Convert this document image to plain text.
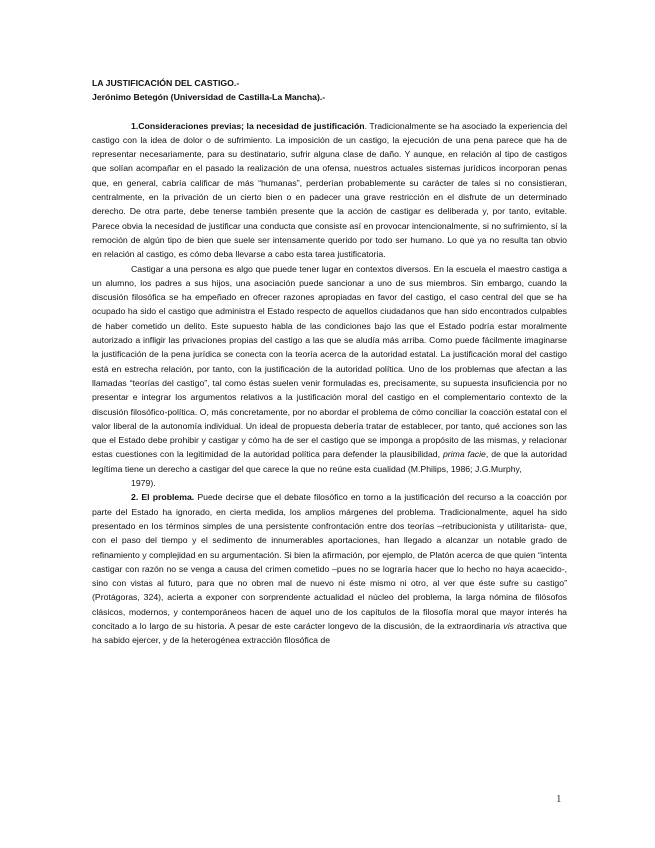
LA JUSTIFICACIÓN DEL CASTIGO.-
Jerónimo Betegón (Universidad de Castilla-La Mancha).-

1.Consideraciones previas; la necesidad de justificación. Tradicionalmente se ha asociado la experiencia del castigo con la idea de dolor o de sufrimiento. La imposición de un castigo, la ejecución de una pena parece que ha de representar necesariamente, para su destinatario, sufrir alguna clase de daño. Y aunque, en relación al tipo de castigos que solían acompañar en el pasado la realización de una ofensa, nuestros actuales sistemas jurídicos incorporan penas que, en general, cabría calificar de más “humanas”, perderían probablemente su carácter de tales si no consistieran, centralmente, en la privación de un cierto bien o en padecer una grave restricción en el disfrute de un determinado derecho. De otra parte, debe tenerse también presente que la acción de castigar es deliberada y, por tanto, evitable. Parece obvia la necesidad de justificar una conducta que consiste así en provocar intencionalmente, si no sufrimiento, sí la remoción de algún tipo de bien que suele ser intensamente querido por todo ser humano. Lo que ya no resulta tan obvio en relación al castigo, es cómo deba llevarse a cabo esta tarea justificatoria.

Castigar a una persona es algo que puede tener lugar en contextos diversos. En la escuela el maestro castiga a un alumno, los padres a sus hijos, una asociación puede sancionar a uno de sus miembros. Sin embargo, cuando la discusión filosófica se ha empeñado en ofrecer razones apropiadas en favor del castigo, el caso central del que se ha ocupado ha sido el castigo que administra el Estado respecto de aquellos ciudadanos que han sido encontrados culpables de haber cometido un delito. Este supuesto habla de las condiciones bajo las que el Estado podría estar moralmente autorizado a infligir las privaciones propias del castigo a las que se aludía más arriba. Como puede fácilmente imaginarse la justificación de la pena jurídica se conecta con la teoría acerca de la autoridad estatal. La justificación moral del castigo está en estrecha relación, por tanto, con la justificación de la autoridad política. Uno de los problemas que afectan a las llamadas “teorías del castigo”, tal como éstas suelen venir formuladas es, precisamente, su supuesta insuficiencia por no presentar e integrar los argumentos relativos a la justificación moral del castigo en el complementario contexto de la discusión filosófico-política. O, más concretamente, por no abordar el problema de cómo conciliar la coacción estatal con el valor liberal de la autonomía individual. Un ideal de propuesta debería tratar de establecer, por tanto, qué acciones son las que el Estado debe prohibir y castigar y cómo ha de ser el castigo que se imponga a propósito de las mismas, y relacionar estas cuestiones con la legitimidad de la autoridad política para defender la plausibilidad, prima facie, de que la autoridad legítima tiene un derecho a castigar del que carece la que no reúne esta cualidad (M.Philips, 1986; J.G.Murphy,

1979).

2. El problema. Puede decirse que el debate filosófico en torno a la justificación del recurso a la coacción por parte del Estado ha ignorado, en cierta medida, los amplios márgenes del problema. Tradicionalmente, aquel ha sido presentado en los términos simples de una persistente confrontación entre dos teorías –retribucionista y utilitarista- que, con el paso del tiempo y el sedimento de innumerables aportaciones, han llegado a alcanzar un notable grado de refinamiento y complejidad en su argumentación. Si bien la afirmación, por ejemplo, de Platón acerca de que quien “intenta castigar con razón no se venga a causa del crimen cometido –pues no se lograría hacer que lo hecho no haya acaecido-, sino con vistas al futuro, para que no obren mal de nuevo ni éste mismo ni otro, al ver que éste sufre su castigo” (Protágoras, 324), acierta a exponer con sorprendente actualidad el núcleo del problema, la larga nómina de filósofos clásicos, modernos, y contemporáneos hacen de aquel uno de los capítulos de la filosofía moral que mayor interés ha concitado a lo largo de su historia. A pesar de este carácter longevo de la discusión, de la extraordinaria vis atractiva que ha sabido ejercer, y de la heterogénea extracción filosófica de

1
